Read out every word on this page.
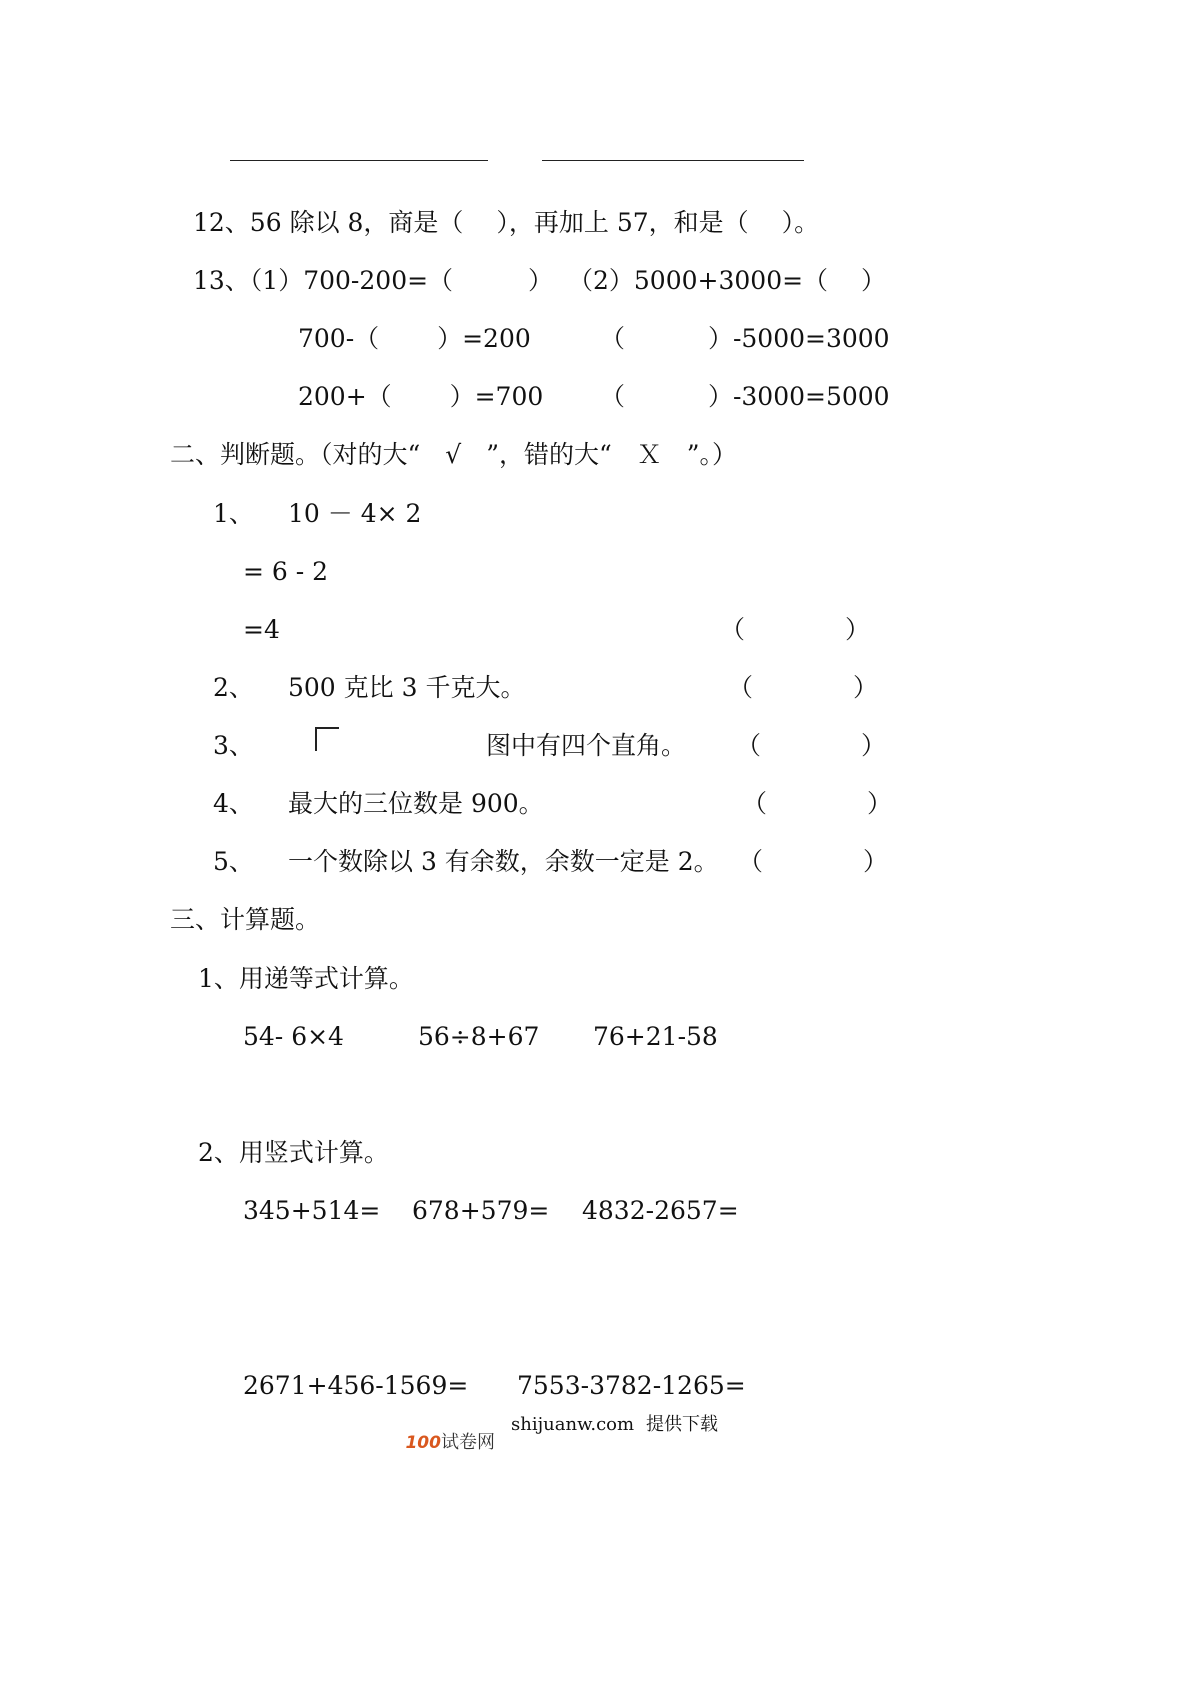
12、56 除以 8，商是（　 ），再加上 57，和是（　 ）。
13、（1）700-200=（　　　） （2）5000+3000=（　 ）
700-（　　 ）=200	（　　　 ）-5000=3000
200+（　　 ）=700 （　　　 ）-3000=5000
二、判断题。（对的大“　√　”，错的大“　Ｘ　”。）
1、 10 － 4× 2
= 6 - 2
=4	（　　　　）
2、 500 克比 3 千克大。	（　　　　）
3、	图中有四个直角。 （　　　　）
4、 最大的三位数是 900。	（　　　　）
5、 一个数除以 3 有余数，余数一定是 2。 （　　　　）
三、计算题。
1、用递等式计算。
54- 6×4	56÷8+67 76+21-58
2、用竖式计算。
345+514= 678+579= 4832-2657=
2671+456-1569= 7553-3782-1265=

100试卷网

shijuanw.com 提供下载
